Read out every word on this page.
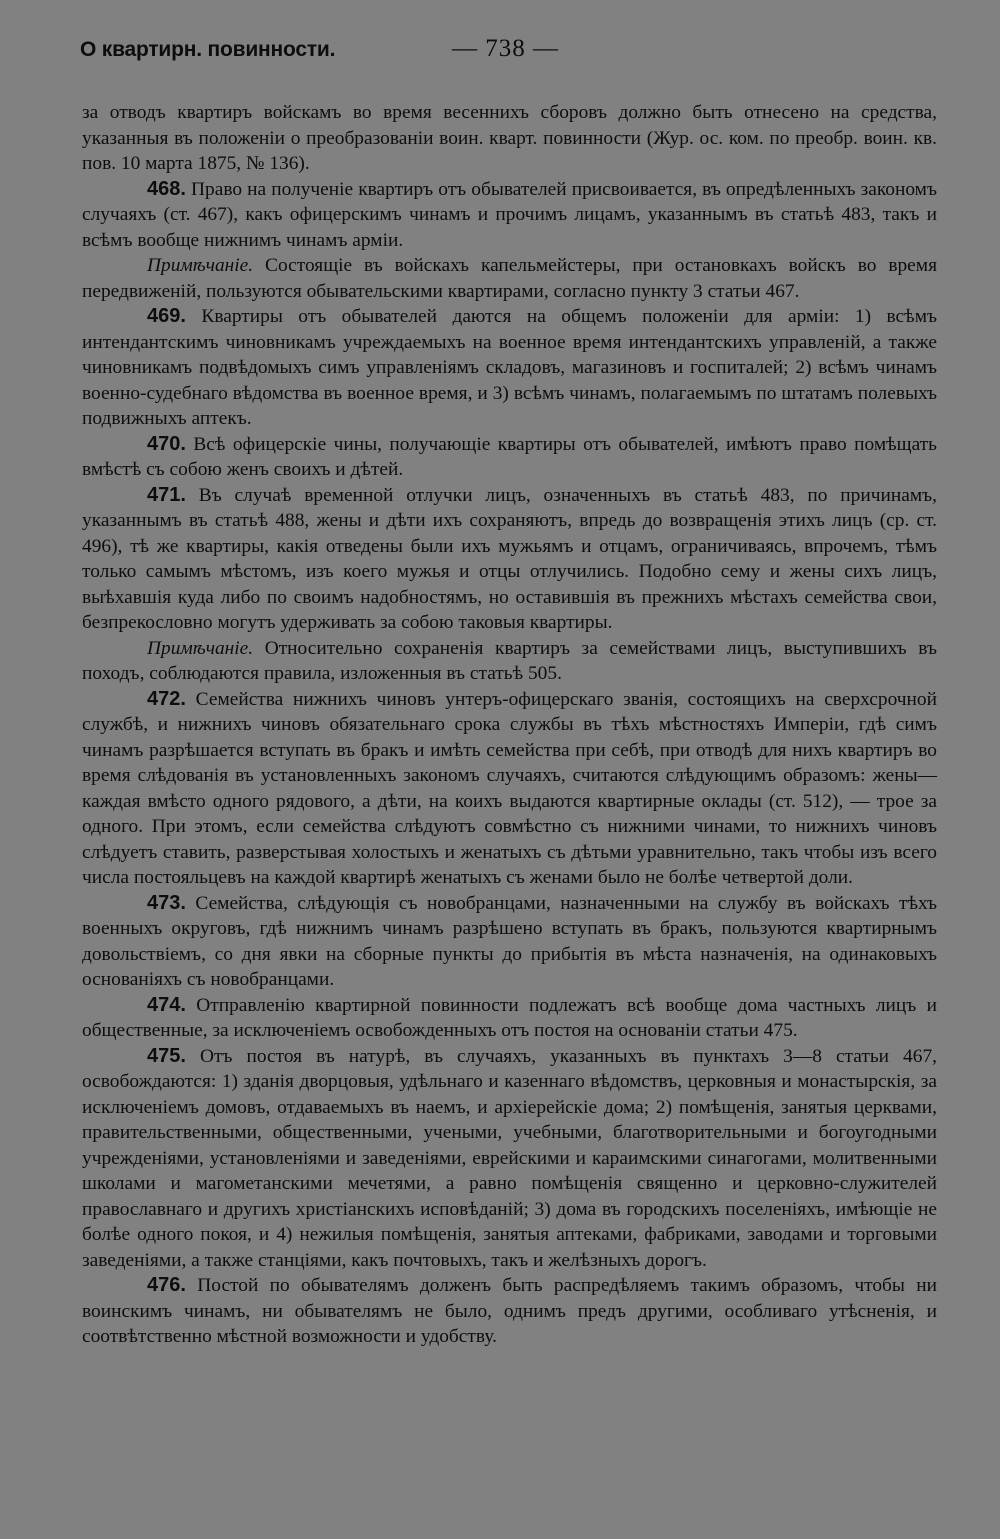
О квартирн. повинности.	— 738 —

за отводъ квартиръ войскамъ во время весеннихъ сборовъ должно быть отнесено на средства, указанныя въ положеніи о преобразованіи воин. кварт. повинности (Жур. ос. ком. по преобр. воин. кв. пов. 10 марта 1875, № 136).

468. Право на полученіе квартиръ отъ обывателей присвоивается, въ опредѣленныхъ закономъ случаяхъ (ст. 467), какъ офицерскимъ чинамъ и прочимъ лицамъ, указаннымъ въ статьѣ 483, такъ и всѣмъ вообще нижнимъ чинамъ арміи.

Примѣчаніе. Состоящіе въ войскахъ капельмейстеры, при остановкахъ войскъ во время передвиженій, пользуются обывательскими квартирами, согласно пункту 3 статьи 467.

469. Квартиры отъ обывателей даются на общемъ положеніи для арміи: 1) всѣмъ интендантскимъ чиновникамъ учреждаемыхъ на военное время интендантскихъ управленій, а также чиновникамъ подвѣдомыхъ симъ управленіямъ складовъ, магазиновъ и госпиталей; 2) всѣмъ чинамъ военно-судебнаго вѣдомства въ военное время, и 3) всѣмъ чинамъ, полагаемымъ по штатамъ полевыхъ подвижныхъ аптекъ.

470. Всѣ офицерскіе чины, получающіе квартиры отъ обывателей, имѣютъ право помѣщать вмѣстѣ съ собою женъ своихъ и дѣтей.

471. Въ случаѣ временной отлучки лицъ, означенныхъ въ статьѣ 483, по причинамъ, указаннымъ въ статьѣ 488, жены и дѣти ихъ сохраняютъ, впредь до возвращенія этихъ лицъ (ср. ст. 496), тѣ же квартиры, какія отведены были ихъ мужьямъ и отцамъ, ограничиваясь, впрочемъ, тѣмъ только самымъ мѣстомъ, изъ коего мужья и отцы отлучились. Подобно сему и жены сихъ лицъ, выѣхавшія куда либо по своимъ надобностямъ, но оставившія въ прежнихъ мѣстахъ семейства свои, безпрекословно могутъ удерживать за собою таковыя квартиры.

Примѣчаніе. Относительно сохраненія квартиръ за семействами лицъ, выступившихъ въ походъ, соблюдаются правила, изложенныя въ статьѣ 505.

472. Семейства нижнихъ чиновъ унтеръ-офицерскаго званія, состоящихъ на сверхсрочной службѣ, и нижнихъ чиновъ обязательнаго срока службы въ тѣхъ мѣстностяхъ Имперіи, гдѣ симъ чинамъ разрѣшается вступать въ бракъ и имѣть семейства при себѣ, при отводѣ для нихъ квартиръ во время слѣдованія въ установленныхъ закономъ случаяхъ, считаются слѣдующимъ образомъ: жены—каждая вмѣсто одного рядового, а дѣти, на коихъ выдаются квартирные оклады (ст. 512), — трое за одного. При этомъ, если семейства слѣдуютъ совмѣстно съ нижними чинами, то нижнихъ чиновъ слѣдуетъ ставить, разверстывая холостыхъ и женатыхъ съ дѣтьми уравнительно, такъ чтобы изъ всего числа постояльцевъ на каждой квартирѣ женатыхъ съ женами было не болѣе четвертой доли.

473. Семейства, слѣдующія съ новобранцами, назначенными на службу въ войскахъ тѣхъ военныхъ округовъ, гдѣ нижнимъ чинамъ разрѣшено вступать въ бракъ, пользуются квартирнымъ довольствіемъ, со дня явки на сборные пункты до прибытія въ мѣста назначенія, на одинаковыхъ основаніяхъ съ новобранцами.

474. Отправленію квартирной повинности подлежатъ всѣ вообще дома частныхъ лицъ и общественные, за исключеніемъ освобожденныхъ отъ постоя на основаніи статьи 475.

475. Отъ постоя въ натурѣ, въ случаяхъ, указанныхъ въ пунктахъ 3—8 статьи 467, освобождаются: 1) зданія дворцовыя, удѣльнаго и казеннаго вѣдомствъ, церковныя и монастырскія, за исключеніемъ домовъ, отдаваемыхъ въ наемъ, и архіерейскіе дома; 2) помѣщенія, занятыя церквами, правительственными, общественными, учеными, учебными, благотворительными и богоугодными учрежденіями, установленіями и заведеніями, еврейскими и караимскими синагогами, молитвенными школами и магометанскими мечетями, а равно помѣщенія священно и церковно-служителей православнаго и другихъ христіанскихъ исповѣданій; 3) дома въ городскихъ поселеніяхъ, имѣющіе не болѣе одного покоя, и 4) нежилыя помѣщенія, занятыя аптеками, фабриками, заводами и торговыми заведеніями, а также станціями, какъ почтовыхъ, такъ и желѣзныхъ дорогъ.

476. Постой по обывателямъ долженъ быть распредѣляемъ такимъ образомъ, чтобы ни воинскимъ чинамъ, ни обывателямъ не было, однимъ предъ другими, особливаго утѣсненія, и соотвѣтственно мѣстной возможности и удобству.
